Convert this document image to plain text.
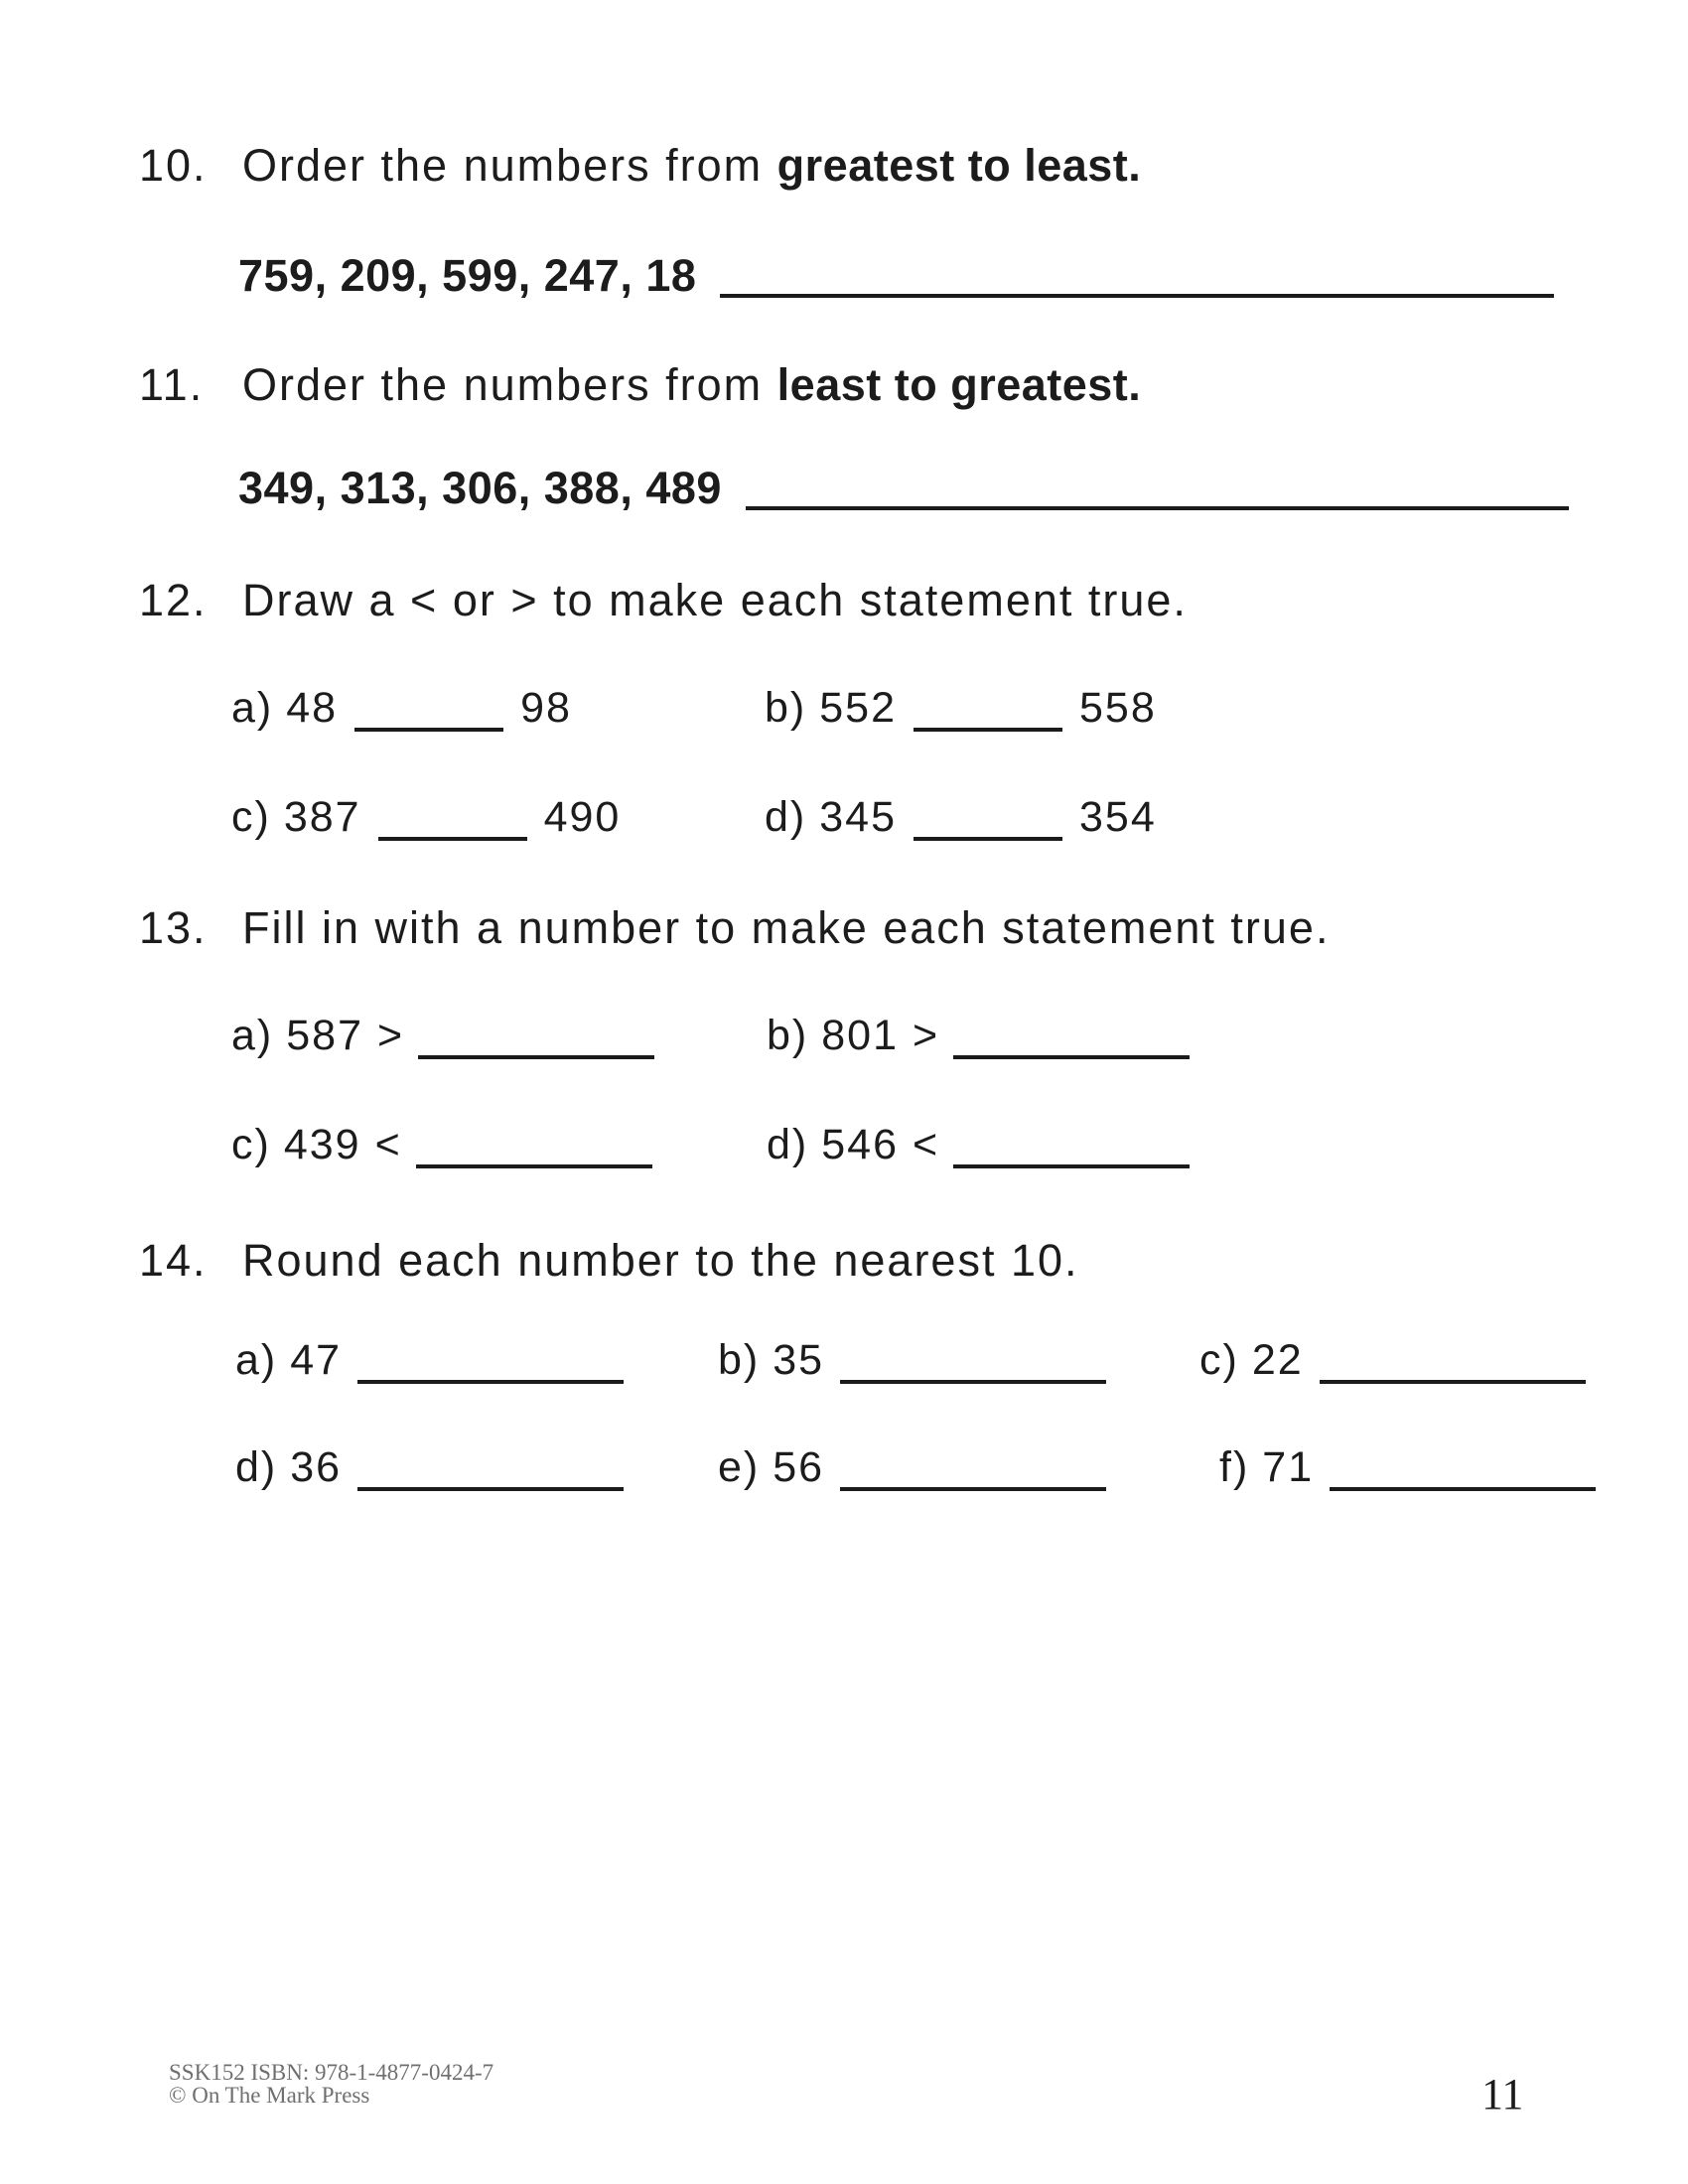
10. Order the numbers from greatest to least.
759, 209, 599, 247, 18
11. Order the numbers from least to greatest.
349, 313, 306, 388, 489
12. Draw a < or > to make each statement true.
a) 48	98	b) 552	558
c) 387	490	d) 345	354
13. Fill in with a number to make each statement true.
a) 587 >	b) 801 >
c) 439 <	d) 546 <
14. Round each number to the nearest 10.
a) 47	b) 35	c) 22
d) 36	e) 56	f) 71
SSK152 ISBN: 978-1-4877-0424-7
© On The Mark Press	11
